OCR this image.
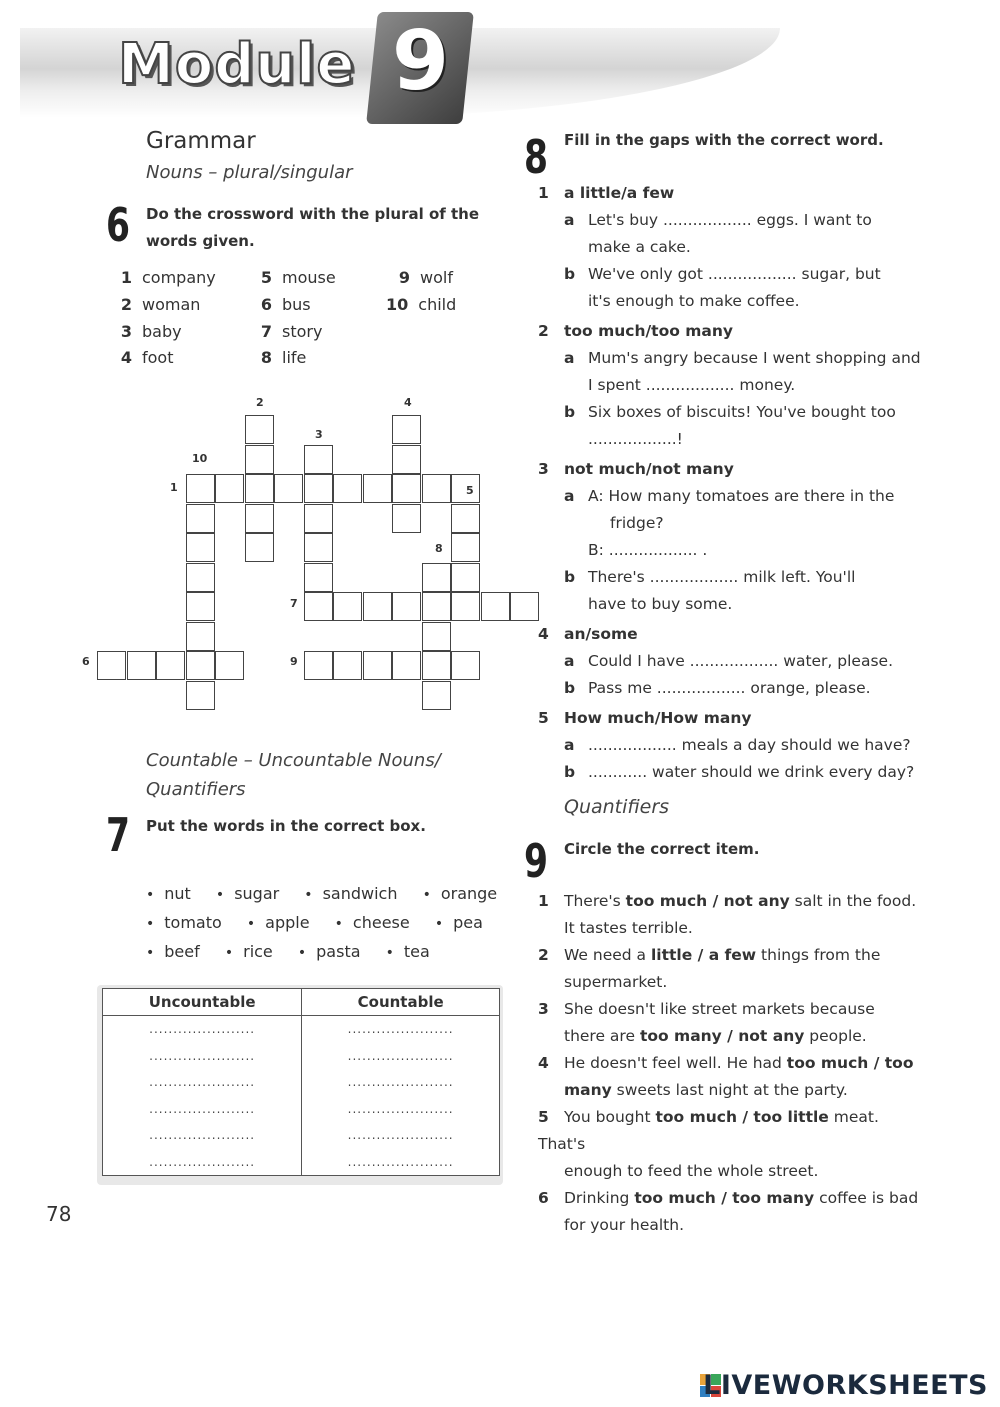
Module 9
Grammar
Nouns – plural/singular
6 Do the crossword with the plural of the
words given.
1 company	5 mouse	9 wolf
2 woman	6 bus	10 child
3 baby	7 story
4 foot	8 life
2	4
3
10
1	5
8
7
6	9
Countable – Uncountable Nouns/
Quantifiers
7 Put the words in the correct box.
• nut • sugar • sandwich • orange
• tomato • apple • cheese • pea
• beef • rice • pasta • tea
Uncountable	Countable
......................	......................
......................	......................
......................	......................
......................	......................
......................	......................
......................	......................
78
8 Fill in the gaps with the correct word.
1 a little/a few
a Let's buy .................. eggs. I want to
make a cake.
b We've only got .................. sugar, but
it's enough to make coffee.
2 too much/too many
a Mum's angry because I went shopping and
I spent .................. money.
b Six boxes of biscuits! You've bought too
..................!
3 not much/not many
a A: How many tomatoes are there in the
fridge?
B: .................. .
b There's .................. milk left. You'll
have to buy some.
4 an/some
a Could I have .................. water, please.
b Pass me .................. orange, please.
5 How much/How many
a .................. meals a day should we have?
b ............ water should we drink every day?
Quantifiers
9 Circle the correct item.
1 There's too much / not any salt in the food.
It tastes terrible.
2 We need a little / a few things from the
supermarket.
3 She doesn't like street markets because
there are too many / not any people.
4 He doesn't feel well. He had too much / too
many sweets last night at the party.
5 You bought too much / too little meat. That's
enough to feed the whole street.
6 Drinking too much / too many coffee is bad
for your health.
LIVEWORKSHEETS
